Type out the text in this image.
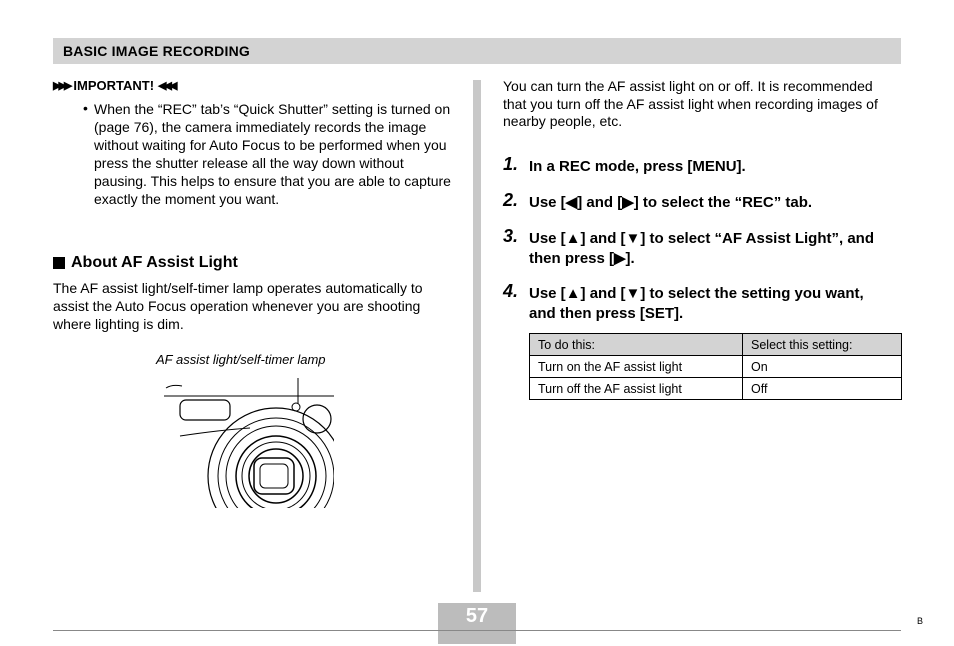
BASIC IMAGE RECORDING
▶▶▶ IMPORTANT! ◀◀◀
• When the “REC” tab’s “Quick Shutter” setting is turned on (page 76), the camera immediately records the image without waiting for Auto Focus to be performed when you press the shutter release all the way down without pausing. This helps to ensure that you are able to capture exactly the moment you want.
About AF Assist Light
The AF assist light/self-timer lamp operates automatically to assist the Auto Focus operation whenever you are shooting where lighting is dim.
AF assist light/self-timer lamp
You can turn the AF assist light on or off. It is recommended that you turn off the AF assist light when recording images of nearby people, etc.
1. In a REC mode, press [MENU].
2. Use [◀] and [▶] to select the “REC” tab.
3. Use [▲] and [▼] to select “AF Assist Light”, and then press [▶].
4. Use [▲] and [▼] to select the setting you want, and then press [SET].
To do this:	Select this setting:
Turn on the AF assist light	On
Turn off the AF assist light	Off
57	B
